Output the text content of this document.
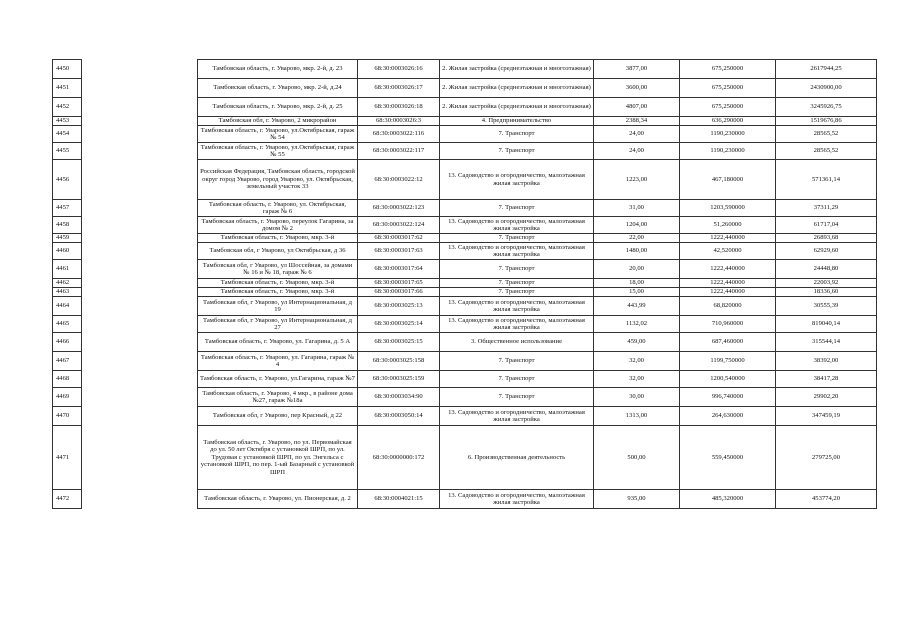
4450		Тамбовская область, г. Уварово, мкр. 2-й, д. 23	68:30:0003026:16	2. Жилая застройка (среднеэтажная и многоэтажная)	3877,00	675,250000	2617944,25
4451		Тамбовская область, г. Уварово, мкр. 2-й, д.24	68:30:0003026:17	2. Жилая застройка (среднеэтажная и многоэтажная)	3600,00	675,250000	2430900,00
4452		Тамбовская область, г. Уварово, мкр. 2-й, д. 25	68:30:0003026:18	2. Жилая застройка (среднеэтажная и многоэтажная)	4807,00	675,250000	3245926,75
4453		Тамбовская обл, г. Уварово, 2 микрорайон	68:30:0003026:3	4. Предпринимательство	2388,34	636,290000	1519676,86
4454		Тамбовская область, г. Уварово, ул.Октябрьская, гараж № 54	68:30:0003022:116	7. Транспорт	24,00	1190,230000	28565,52
4455		Тамбовская область, г. Уварово, ул.Октябрьская, гараж № 55	68:30:0003022:117	7. Транспорт	24,00	1190,230000	28565,52
4456		Российская Федерация, Тамбовская область, городской округ город Уварово, город Уварово, ул. Октябрьская, земельный участок 33	68:30:0003022:12	13. Садоводство и огородничество, малоэтажная жилая застройка	1223,00	467,180000	571361,14
4457		Тамбовская область, г. Уварово, ул. Октябрьская, гараж № 6	68:30:0003022:123	7. Транспорт	31,00	1203,590000	37311,29
4458		Тамбовская область, г. Уварово, переулок Гагарина, за домом № 2	68:30:0003022:124	13. Садоводство и огородничество, малоэтажная жилая застройка	1204,00	51,260000	61717,04
4459		Тамбовская область, г. Уварово, мкр. 3-й	68:30:0003017:62	7. Транспорт	22,00	1222,440000	26893,68
4460		Тамбовская обл, г Уварово, ул Октябрьская, д 36	68:30:0003017:63	13. Садоводство и огородничество, малоэтажная жилая застройка	1480,00	42,520000	62929,60
4461		Тамбовская обл, г Уварово, ул Шоссейная, за домами № 16 и № 18, гараж № 6	68:30:0003017:64	7. Транспорт	20,00	1222,440000	24448,80
4462		Тамбовская область, г. Уварово, мкр. 3-й	68:30:0003017:65	7. Транспорт	18,00	1222,440000	22003,92
4463		Тамбовская область, г. Уварово, мкр. 3-й	68:30:0003017:66	7. Транспорт	15,00	1222,440000	18336,60
4464		Тамбовская обл, г Уварово, ул Интернациональная, д 19	68:30:0003025:13	13. Садоводство и огородничество, малоэтажная жилая застройка	443,99	68,820000	30555,39
4465		Тамбовская обл, г Уварово, ул Интернациональная, д 27	68:30:0003025:14	13. Садоводство и огородничество, малоэтажная жилая застройка	1132,02	710,960000	819040,14
4466		Тамбовская область, г. Уварово, ул. Гагарина, д. 5 А	68:30:0003025:15	3. Общественное использование	459,00	687,460000	315544,14
4467		Тамбовская область, г. Уварово, ул. Гагарина, гараж № 4	68:30:0003025:158	7. Транспорт	32,00	1199,750000	38392,00
4468		Тамбовская область, г. Уварово, ул.Гагарина, гараж №7	68:30:0003025:159	7. Транспорт	32,00	1200,540000	38417,28
4469		Тамбовская область, г. Уварово, 4 мкр., в районе дома №27, гараж №18а	68:30:0003034:90	7. Транспорт	30,00	996,740000	29902,20
4470		Тамбовская обл, г Уварово, пер Красный, д 22	68:30:0003050:14	13. Садоводство и огородничество, малоэтажная жилая застройка	1313,00	264,630000	347459,19
4471		Тамбовская область, г. Уварово, по ул. Первомайская до ул. 50 лет Октября с установкой ШРП, по ул. Трудовая с установкой ШРП, по ул. Энгельса с установкой ШРП, по пер. 1-ый Базарный с установкой ШРП	68:30:0000000:172	6. Производственная деятельность	500,00	559,450000	279725,00
4472		Тамбовская область, г. Уварово, ул. Пионерская, д. 2	68:30:0004021:15	13. Садоводство и огородничество, малоэтажная жилая застройка	935,00	485,320000	453774,20
